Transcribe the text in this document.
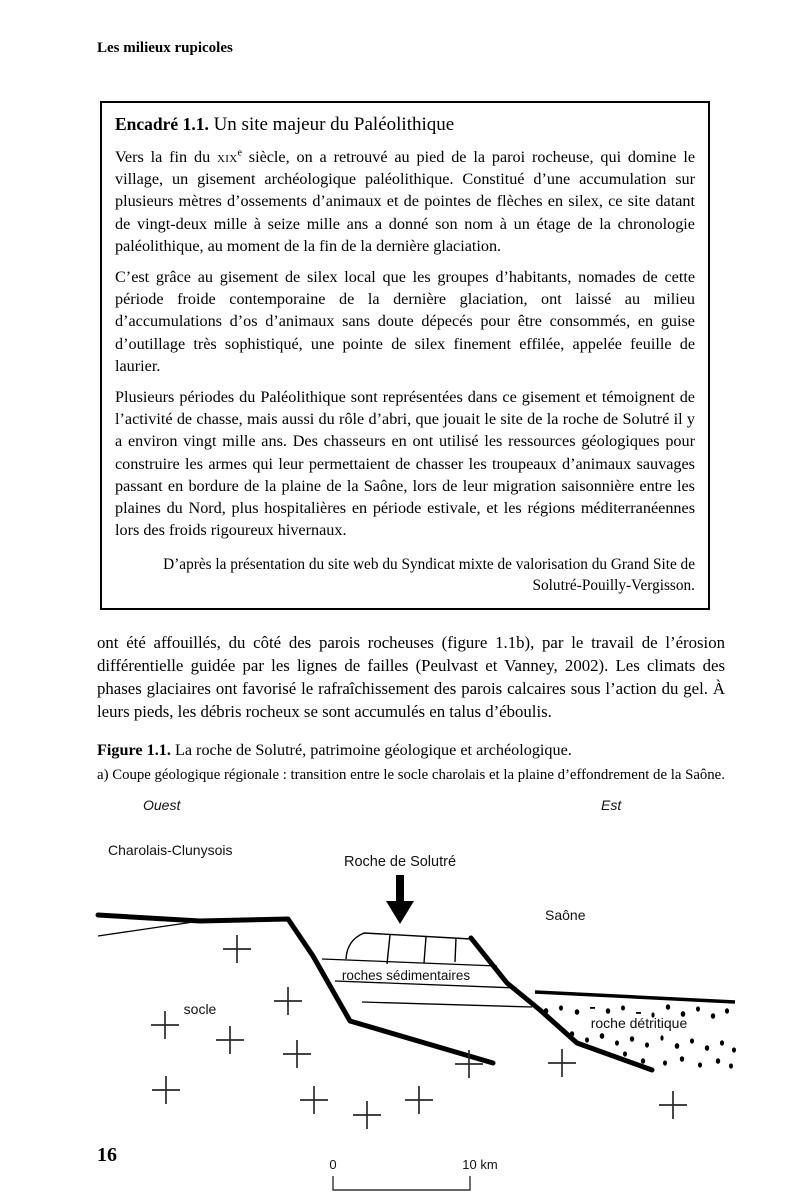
Les milieux rupicoles
Encadré 1.1. Un site majeur du Paléolithique

Vers la fin du xix$^e$ siècle, on a retrouvé au pied de la paroi rocheuse, qui domine le village, un gisement archéologique paléolithique. Constitué d’une accumulation sur plusieurs mètres d’ossements d’animaux et de pointes de flèches en silex, ce site datant de vingt-deux mille à seize mille ans a donné son nom à un étage de la chronologie paléolithique, au moment de la fin de la dernière glaciation.

C’est grâce au gisement de silex local que les groupes d’habitants, nomades de cette période froide contemporaine de la dernière glaciation, ont laissé au milieu d’accumulations d’os d’animaux sans doute dépecés pour être consommés, en guise d’outillage très sophistiqué, une pointe de silex finement effilée, appelée feuille de laurier.

Plusieurs périodes du Paléolithique sont représentées dans ce gisement et témoignent de l’activité de chasse, mais aussi du rôle d’abri, que jouait le site de la roche de Solutré il y a environ vingt mille ans. Des chasseurs en ont utilisé les ressources géologiques pour construire les armes qui leur permettaient de chasser les troupeaux d’animaux sauvages passant en bordure de la plaine de la Saône, lors de leur migration saisonnière entre les plaines du Nord, plus hospitalières en période estivale, et les régions méditerranéennes lors des froids rigoureux hivernaux.

D’après la présentation du site web du Syndicat mixte de valorisation du Grand Site de Solutré-Pouilly-Vergisson.
ont été affouillés, du côté des parois rocheuses (figure 1.1b), par le travail de l’érosion différentielle guidée par les lignes de failles (Peulvast et Vanney, 2002). Les climats des phases glaciaires ont favorisé le rafraîchissement des parois calcaires sous l’action du gel. À leurs pieds, les débris rocheux se sont accumulés en talus d’éboulis.
Figure 1.1. La roche de Solutré, patrimoine géologique et archéologique.
a) Coupe géologique régionale : transition entre le socle charolais et la plaine d’effondrement de la Saône.
Ouest	Est
Charolais-Clunysois
Roche de Solutré
Saône
roches sédimentaires
roche détritique
socle
0	10 km
16
